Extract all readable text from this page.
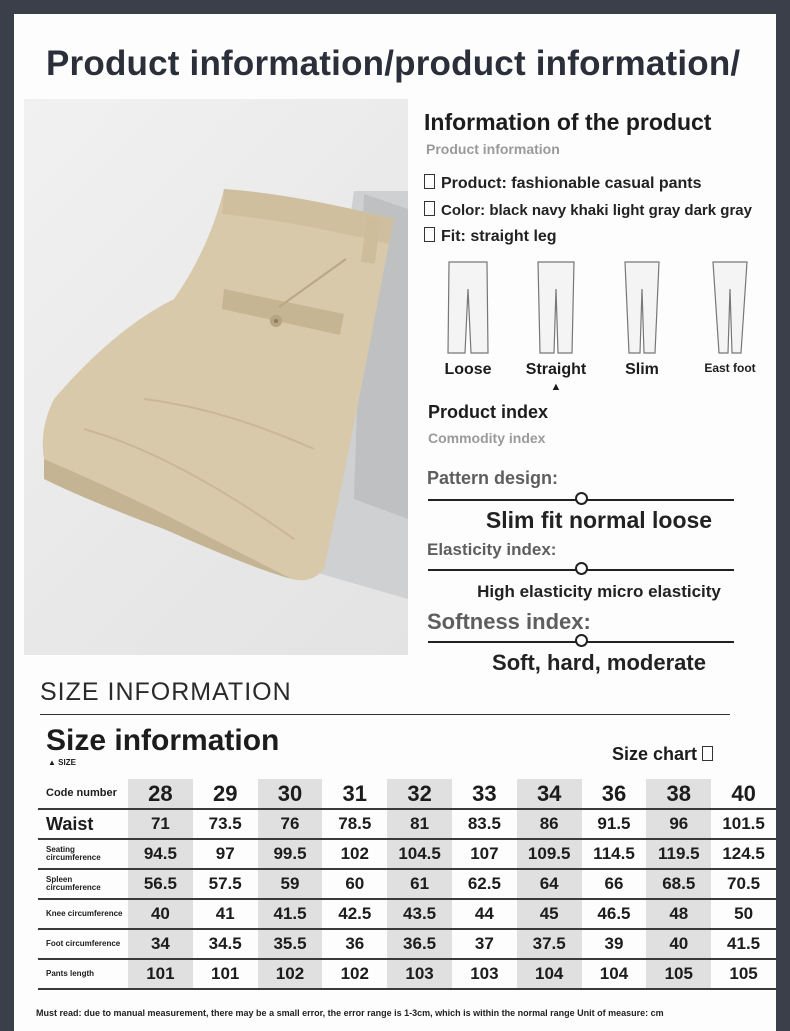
Product information/product information/
Information of the product
Product information
Product: fashionable casual pants
Color: black navy khaki light gray dark gray
Fit: straight leg
Loose	Straight
▲
Slim	East foot
Product index
Commodity index
Pattern design:
Slim fit normal loose
Elasticity index:
High elasticity micro elasticity
Softness index:
Soft, hard, moderate
SIZE INFORMATION
Size information
▲ SIZE	Size chart
Code number	28	29	30	31	32	33	34	36	38	40
Waist	71	73.5	76	78.5	81	83.5	86	91.5	96	101.5
Seating circumference	94.5	97	99.5	102	104.5	107	109.5	114.5	119.5	124.5
Spleen circumference	56.5	57.5	59	60	61	62.5	64	66	68.5	70.5
Knee circumference	40	41	41.5	42.5	43.5	44	45	46.5	48	50
Foot circumference	34	34.5	35.5	36	36.5	37	37.5	39	40	41.5
Pants length	101	101	102	102	103	103	104	104	105	105
Must read: due to manual measurement, there may be a small error, the error range is 1-3cm, which is within the normal range Unit of measure: cm
